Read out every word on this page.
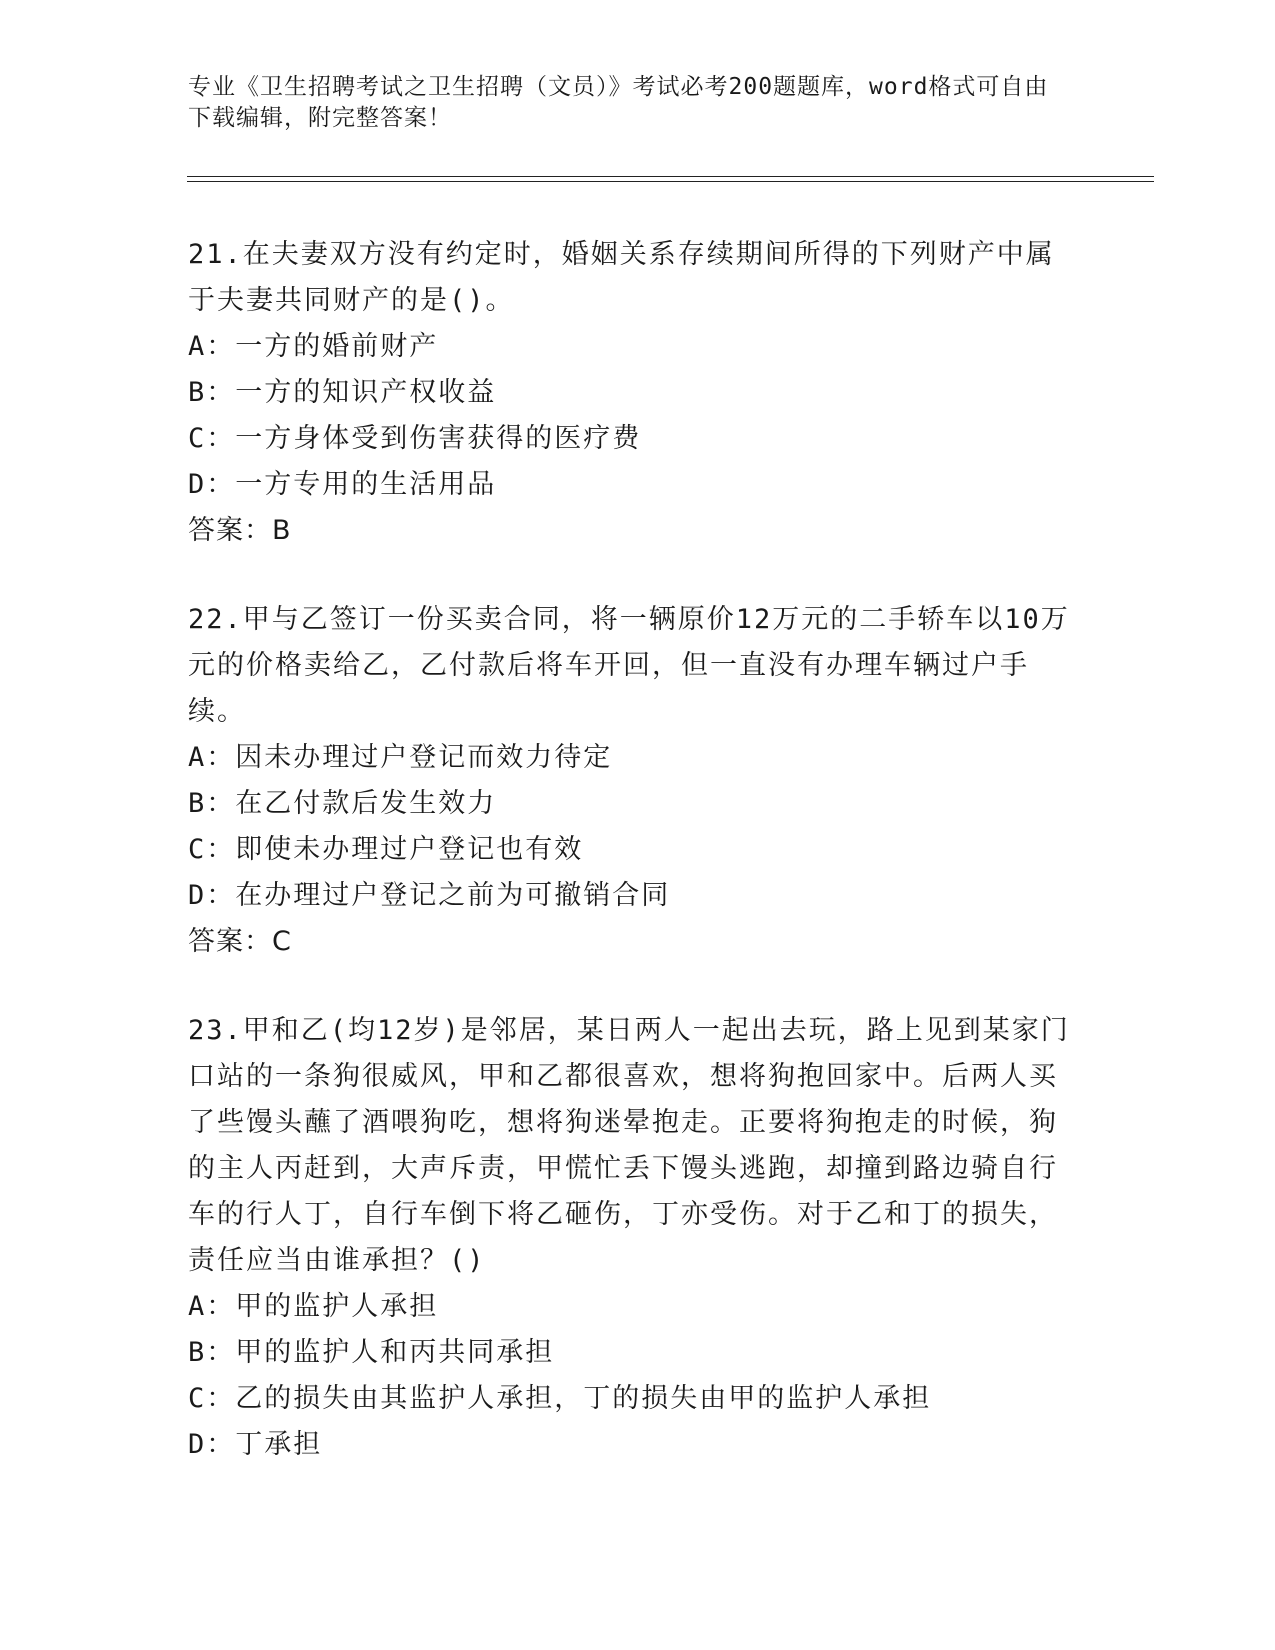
专业《卫生招聘考试之卫生招聘（文员）》考试必考200题题库，word格式可自由下载编辑，附完整答案！

21.在夫妻双方没有约定时，婚姻关系存续期间所得的下列财产中属于夫妻共同财产的是()。

A：一方的婚前财产

B：一方的知识产权收益

C：一方身体受到伤害获得的医疗费

D：一方专用的生活用品

答案：B

22.甲与乙签订一份买卖合同，将一辆原价12万元的二手轿车以10万元的价格卖给乙，乙付款后将车开回，但一直没有办理车辆过户手续。

A：因未办理过户登记而效力待定

B：在乙付款后发生效力

C：即使未办理过户登记也有效

D：在办理过户登记之前为可撤销合同

答案：C

23.甲和乙(均12岁)是邻居，某日两人一起出去玩，路上见到某家门口站的一条狗很威风，甲和乙都很喜欢，想将狗抱回家中。后两人买了些馒头蘸了酒喂狗吃，想将狗迷晕抱走。正要将狗抱走的时候，狗的主人丙赶到，大声斥责，甲慌忙丢下馒头逃跑，却撞到路边骑自行车的行人丁，自行车倒下将乙砸伤，丁亦受伤。对于乙和丁的损失，责任应当由谁承担？()

A：甲的监护人承担

B：甲的监护人和丙共同承担

C：乙的损失由其监护人承担，丁的损失由甲的监护人承担

D：丁承担
